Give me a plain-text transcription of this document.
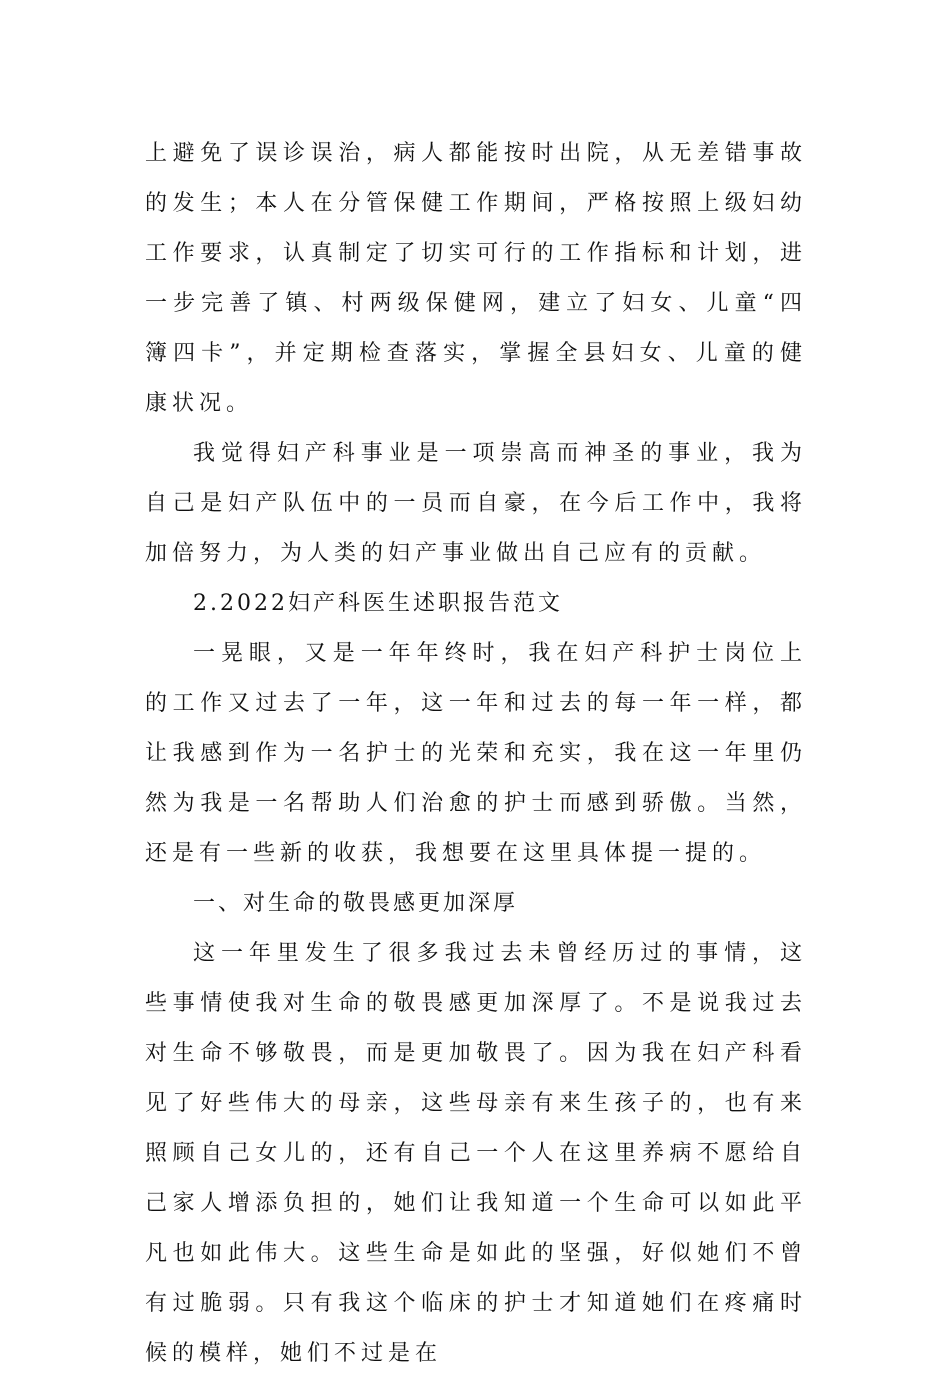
上避免了误诊误治，病人都能按时出院，从无差错事故的发生；本人在分管保健工作期间，严格按照上级妇幼工作要求，认真制定了切实可行的工作指标和计划，进一步完善了镇、村两级保健网，建立了妇女、儿童“四簿四卡”，并定期检查落实，掌握全县妇女、儿童的健康状况。

我觉得妇产科事业是一项崇高而神圣的事业，我为自己是妇产队伍中的一员而自豪，在今后工作中，我将加倍努力，为人类的妇产事业做出自己应有的贡献。

2.2022妇产科医生述职报告范文

一晃眼，又是一年年终时，我在妇产科护士岗位上的工作又过去了一年，这一年和过去的每一年一样，都让我感到作为一名护士的光荣和充实，我在这一年里仍然为我是一名帮助人们治愈的护士而感到骄傲。当然，还是有一些新的收获，我想要在这里具体提一提的。

一、对生命的敬畏感更加深厚

这一年里发生了很多我过去未曾经历过的事情，这些事情使我对生命的敬畏感更加深厚了。不是说我过去对生命不够敬畏，而是更加敬畏了。因为我在妇产科看见了好些伟大的母亲，这些母亲有来生孩子的，也有来照顾自己女儿的，还有自己一个人在这里养病不愿给自己家人增添负担的，她们让我知道一个生命可以如此平凡也如此伟大。这些生命是如此的坚强，好似她们不曾有过脆弱。只有我这个临床的护士才知道她们在疼痛时候的模样，她们不过是在
